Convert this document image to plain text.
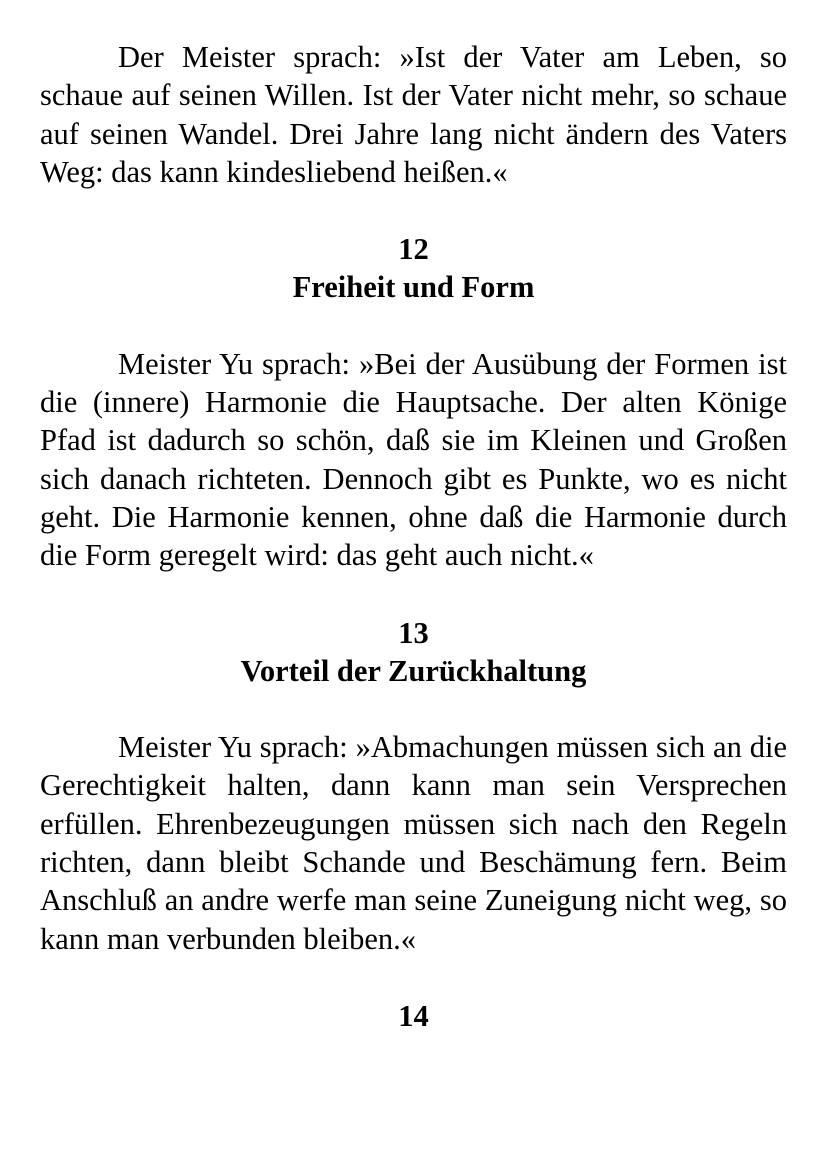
Der Meister sprach: »Ist der Vater am Leben, so schaue auf seinen Willen. Ist der Vater nicht mehr, so schaue auf seinen Wandel. Drei Jahre lang nicht ändern des Vaters Weg: das kann kindesliebend heißen.«

12

Freiheit und Form

Meister Yu sprach: »Bei der Ausübung der Formen ist die (innere) Harmonie die Hauptsache. Der alten Könige Pfad ist dadurch so schön, daß sie im Kleinen und Großen sich danach richteten. Dennoch gibt es Punkte, wo es nicht geht. Die Harmonie kennen, ohne daß die Harmonie durch die Form geregelt wird: das geht auch nicht.«

13

Vorteil der Zurückhaltung

Meister Yu sprach: »Abmachungen müssen sich an die Gerechtigkeit halten, dann kann man sein Versprechen erfüllen. Ehrenbezeugungen müssen sich nach den Regeln richten, dann bleibt Schande und Beschämung fern. Beim Anschluß an andre werfe man seine Zuneigung nicht weg, so kann man verbunden bleiben.«

14
